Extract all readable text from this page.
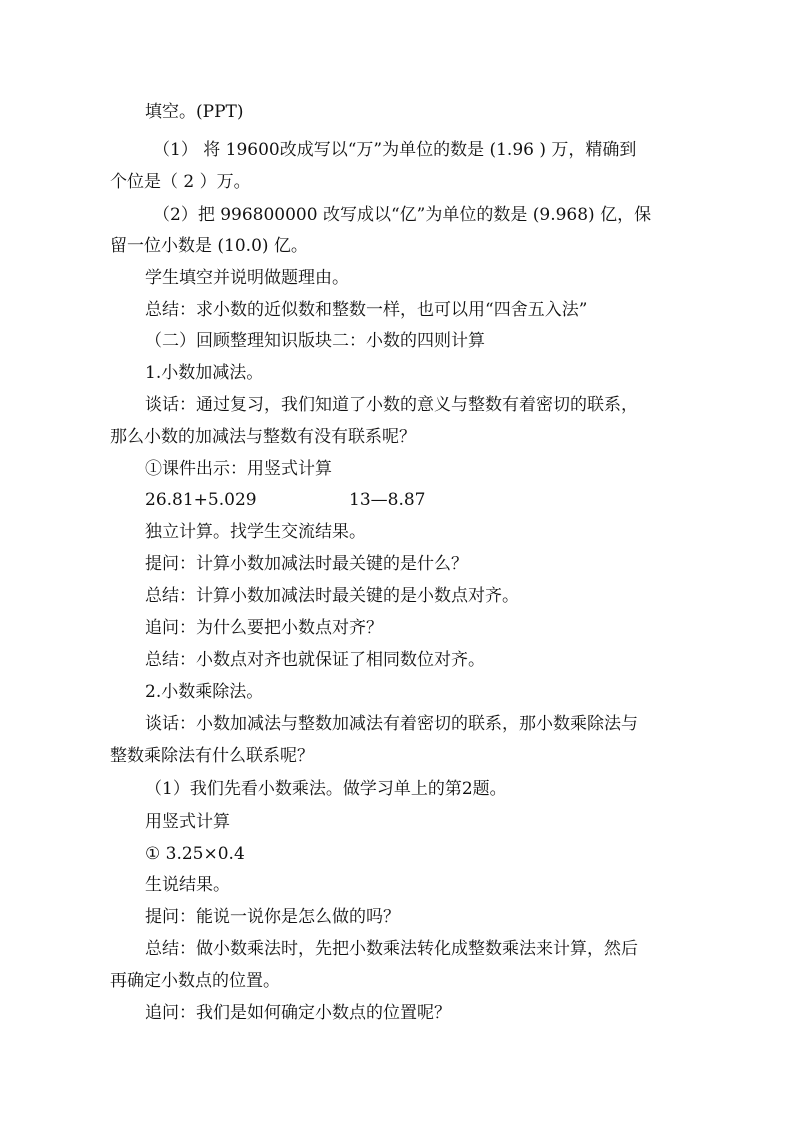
填空。(PPT)
（1） 将 19600改成写以“万”为单位的数是 (1.96 ) 万，精确到
个位是（ 2 ）万。
（2）把 996800000 改写成以“亿”为单位的数是 (9.968) 亿，保
留一位小数是 (10.0) 亿。
学生填空并说明做题理由。
总结：求小数的近似数和整数一样，也可以用“四舍五入法”
（二）回顾整理知识版块二：小数的四则计算
1.小数加减法。
谈话：通过复习，我们知道了小数的意义与整数有着密切的联系，
那么小数的加减法与整数有没有联系呢？
①课件出示：用竖式计算
26.81+5.029	13—8.87
独立计算。找学生交流结果。
提问：计算小数加减法时最关键的是什么？
总结：计算小数加减法时最关键的是小数点对齐。
追问：为什么要把小数点对齐？
总结：小数点对齐也就保证了相同数位对齐。
2.小数乘除法。
谈话：小数加减法与整数加减法有着密切的联系，那小数乘除法与
整数乘除法有什么联系呢？
（1）我们先看小数乘法。做学习单上的第2题。
用竖式计算
① 3.25×0.4
生说结果。
提问：能说一说你是怎么做的吗？
总结：做小数乘法时，先把小数乘法转化成整数乘法来计算，然后
再确定小数点的位置。
追问：我们是如何确定小数点的位置呢？
